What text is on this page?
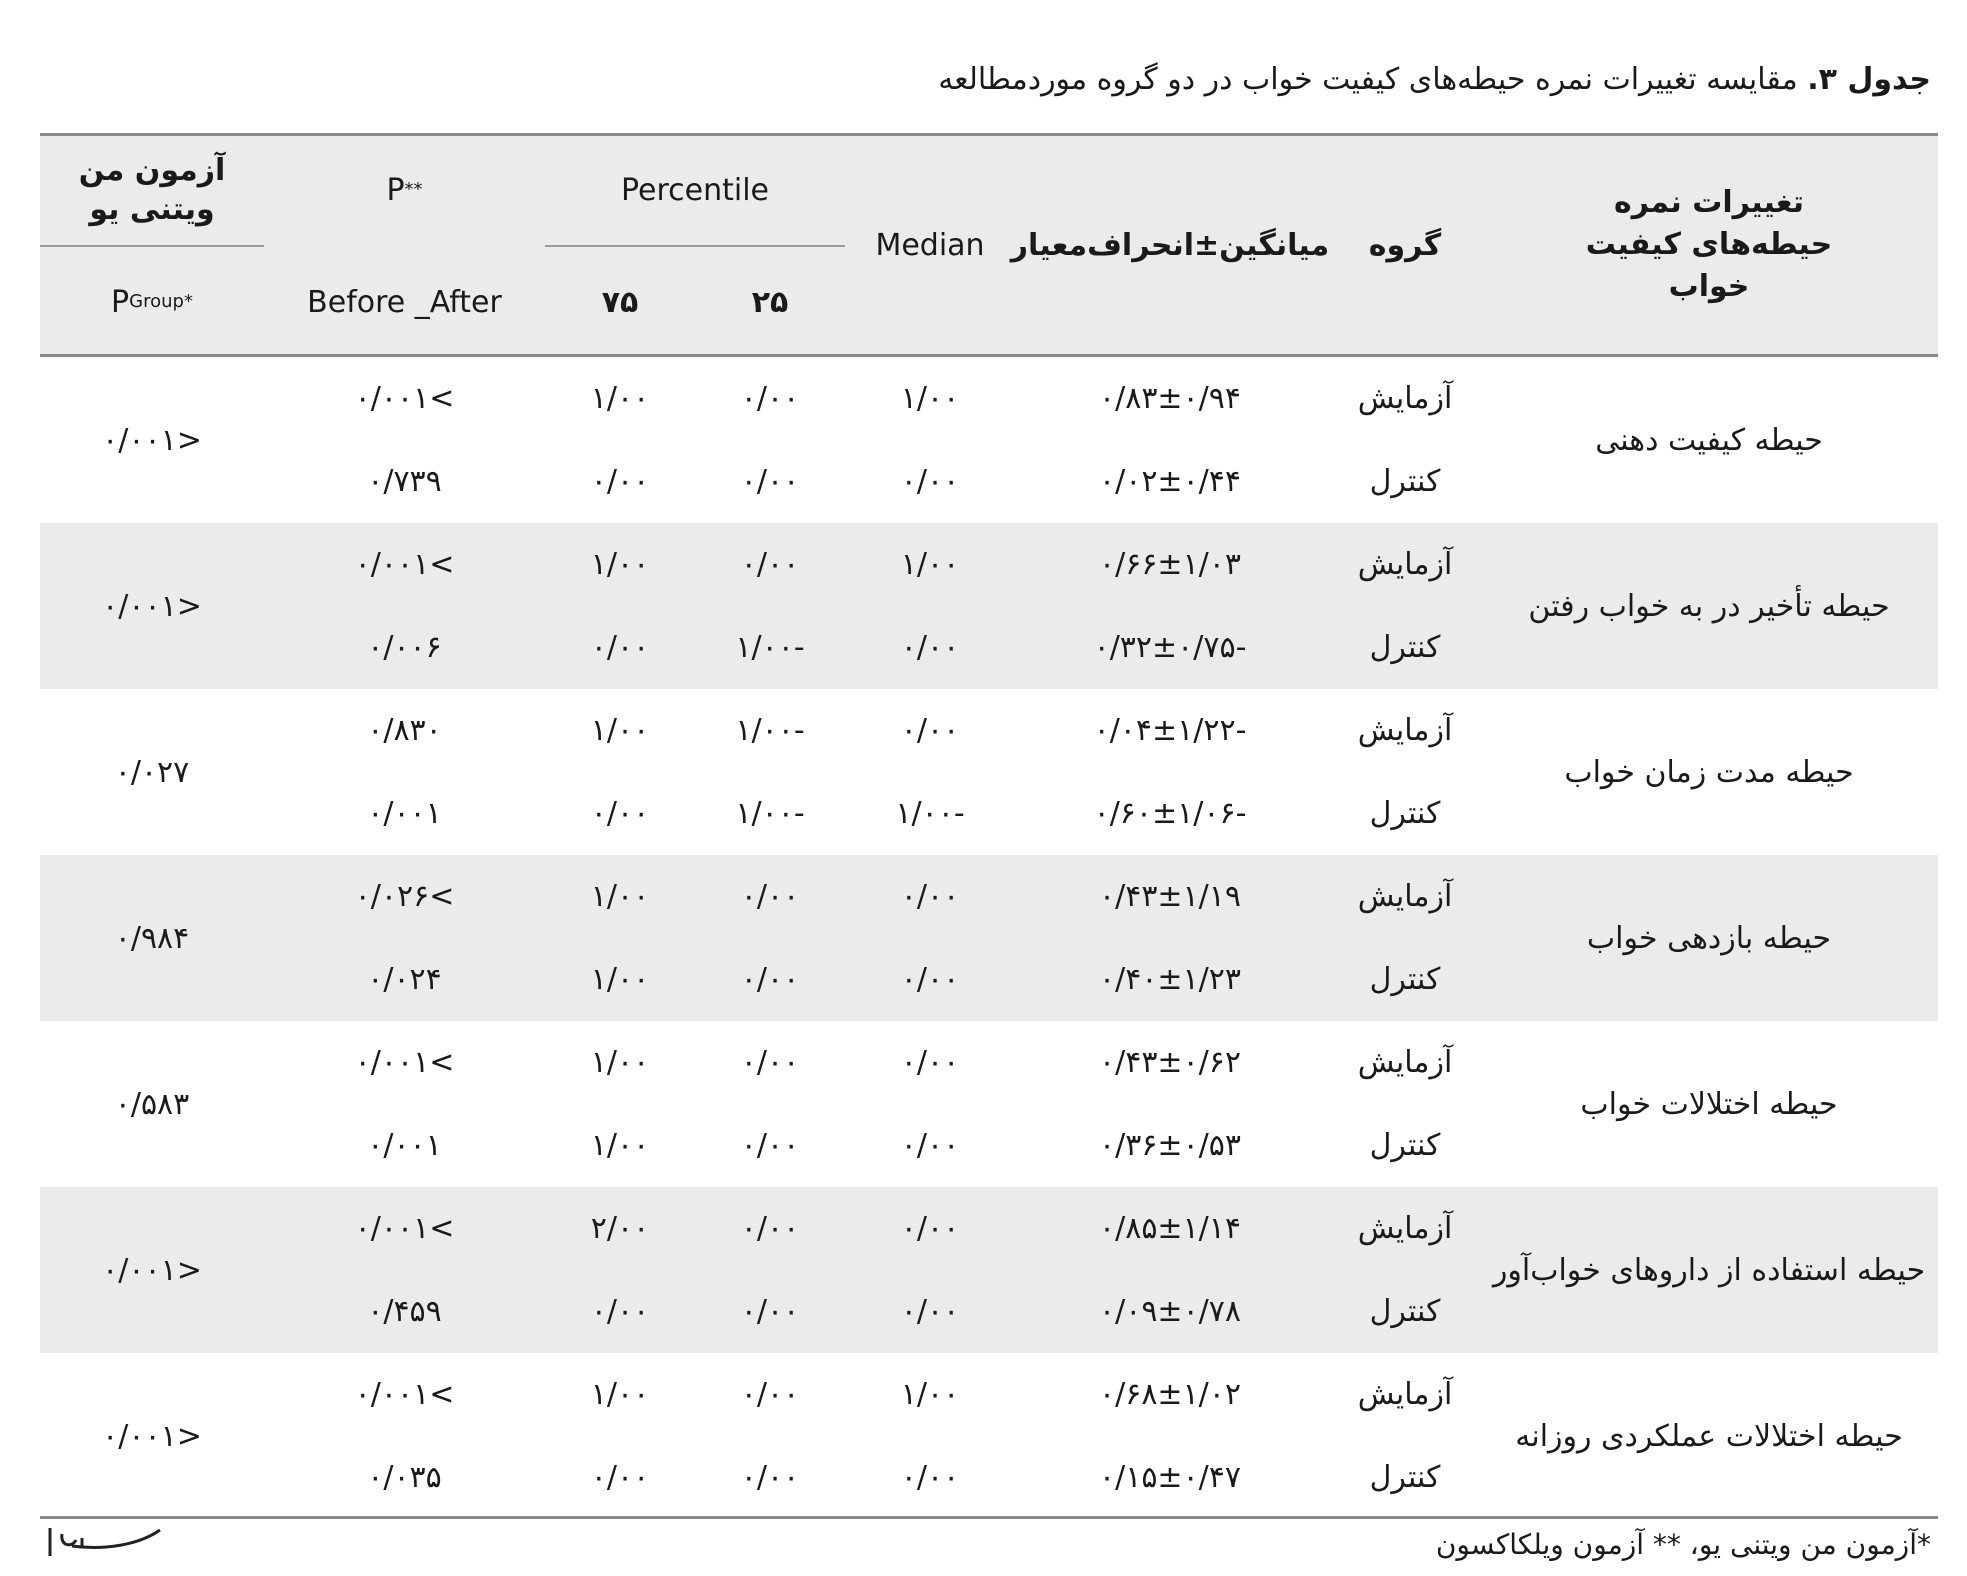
جدول ۳. مقایسه تغییرات نمره حیطه‌های کیفیت خواب در دو گروه موردمطالعه
تغییرات نمره حیطه‌های کیفیت خواب
گروه
میانگین±انحراف‌معیار
Median
Percentile
۲۵
۷۵
P **
Before _After
آزمون من ویتنی یو
P Group *
حیطه کیفیت دهنی
<۰/۰۰۱
آزمایش
۰/۸۳±۰/۹۴
۱/۰۰
۰/۰۰
۱/۰۰
>۰/۰۰۱
کنترل
۰/۰۲±۰/۴۴
۰/۰۰
۰/۰۰
۰/۰۰
۰/۷۳۹
حیطه تأخیر در به خواب رفتن
<۰/۰۰۱
آزمایش
۰/۶۶±۱/۰۳
۱/۰۰
۰/۰۰
۱/۰۰
>۰/۰۰۱
کنترل
-۰/۳۲±۰/۷۵
۰/۰۰
-۱/۰۰
۰/۰۰
۰/۰۰۶
حیطه مدت زمان خواب
۰/۰۲۷
آزمایش
-۰/۰۴±۱/۲۲
۰/۰۰
-۱/۰۰
۱/۰۰
۰/۸۳۰
کنترل
-۰/۶۰±۱/۰۶
-۱/۰۰
-۱/۰۰
۰/۰۰
۰/۰۰۱
حیطه بازدهی خواب
۰/۹۸۴
آزمایش
۰/۴۳±۱/۱۹
۰/۰۰
۰/۰۰
۱/۰۰
>۰/۰۲۶
کنترل
۰/۴۰±۱/۲۳
۰/۰۰
۰/۰۰
۱/۰۰
۰/۰۲۴
حیطه اختلالات خواب
۰/۵۸۳
آزمایش
۰/۴۳±۰/۶۲
۰/۰۰
۰/۰۰
۱/۰۰
>۰/۰۰۱
کنترل
۰/۳۶±۰/۵۳
۰/۰۰
۰/۰۰
۱/۰۰
۰/۰۰۱
حیطه استفاده از داروهای خواب‌آور
<۰/۰۰۱
آزمایش
۰/۸۵±۱/۱۴
۰/۰۰
۰/۰۰
۲/۰۰
>۰/۰۰۱
کنترل
۰/۰۹±۰/۷۸
۰/۰۰
۰/۰۰
۰/۰۰
۰/۴۵۹
حیطه اختلالات عملکردی روزانه
<۰/۰۰۱
آزمایش
۰/۶۸±۱/۰۲
۱/۰۰
۰/۰۰
۱/۰۰
>۰/۰۰۱
کنترل
۰/۱۵±۰/۴۷
۰/۰۰
۰/۰۰
۰/۰۰
۰/۰۳۵
*آزمون من ویتنی یو، ** آزمون ویلکاکسون
